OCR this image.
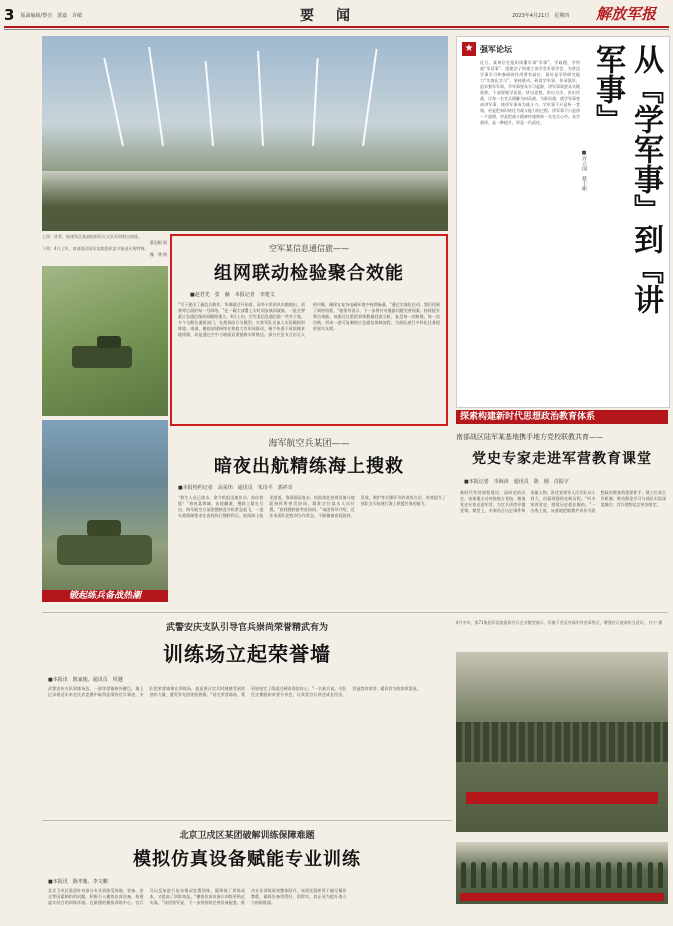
3 版面编辑/黎亮　郭嘉　许敏	要　闻	2023年4月21日　星期四 解放军报
上图：炸者、航康军区某部组织坦火五队军训射击演练。
董国顺 摄
下图：4月上旬，南部战区陆军某旅组织某多能部火射特殊。
魏　博 摄
锻起练兵备战热潮
空军某信息通信旅——
组网联动检验聚合效能
■赵君光　张　赫　本报记者　李建文
“号子建出了通信兵敢作，华调就过开始着，而华卡里的风车跑地出，顶着等后面的每一号网络。”在一确大部署上实时同步演训就新，一批全要素应急通信指挥网随即建立。4月上旬，空军某信息通信旅一些夹子旅，多个分散位通班部门，在战场综合分散型，实装军队员加入实际模拟训练旅。南部，模拟部建网络在和旅大作形成联动，指令传递不再依赖本地线路，而是通过空中与地面双重链路实时推送。部分应急节点由无人机中继，确保在复杂电磁环境中持续畅通。“通过实战化拉动，我们找到了网络短板。”旅领导表示，下一步将针对暴露问题完善预案，持续提升聚合效能。该旅还注重把训练数据回流分析，复盘每一次断链、每一次切换，形成一套可复制的应急通信保障流程，为部队遂行多样化任务提供坚实支撑。
海军航空兵某团——
暗夜出航精练海上搜救
■本报特约记者　高荣伟　通讯员　朱诗平　郭祥奇
“救生人员已落水，命令机组迅速出动，前往救援！”春夜某海域，齿轮翻滚，搜救上精在号出，海军航空兵某团搜救直升机紧急起飞，一批实战保障要求在夜间执行搜救科目。夜间海上能见度低，海面情况复杂，机组依托夜视设备与地面指挥所密切协同，精准定位落水人员位置。“夜间搜救最考验协同。”该团领导介绍，近年来团队把夜训当作常态，不断摸索夜间悬停、吊放、救护等关键环节的训练方法，有效提升了部队全天候遂行海上救援任务的能力。
★ 强军论坛
近日，某单位在组织读懂军事“军事”、学政理，学所战“军话事”，组建法子和建立读学会军事学会，为讲达学事学习和参研的作用要有高位，最好是学所研究能力“实战化学习”，坚持联动。研读学军事，传承强军，追求强军军事。学军事要从学习起源，讲军事需要从实践延伸。干部要做学而思，讲出思想、讲出方法、讲出作战，让每一名官兵理解为何而战、为谁而战，使学军事变成讲军事，使讲军事成为战斗力。学军事不只是听一堂课，更是把知识转化为战斗能力的过程；讲军事不只是讲一个道理，更是把战斗精神传递到每一名官兵心中。从学到讲，是一种提升，更是一份责任。	从『学军事』到『讲军事』
■许立国　蔡士彬
探索构建新时代思想政治教育体系
南部战区陆军某基地携手地方党校联教共育——
党史专家走进军营教育课堂
■本报记者　李海涛　通讯员　陈　刚　肖振宇
新时代军营课程建设，深研党的历史。该基地主动对接地方党校，邀请党史专家走进军营，为官兵讲授专题党课。课堂上，专家结合历史事件和英雄人物，讲述党领导人民军队从小到大、由弱到强的光辉历程。“听专家讲党史，感觉历史就在眼前。”一名战士说。该基地把联教共育作为思想政治教育的重要抓手，建立长效合作机制，推动理论学习与部队实际深度融合，官兵理想信念更加坚定。
武警安庆支队引导官兵崇尚荣誉精武有为
训练场立起荣誉墙
■本报讯　陈家俊、通讯员　侯越
武警安庆支队训练场边，一面荣誉墙格外醒目，墙上记录着近年来在比武竞赛中取得佳绩的官兵事迹。支队把荣誉墙建在训练场，就是要让官兵时刻感受到荣誉的力量，激发争先创优的热情。“站在荣誉墙前，我更加坚定了练就过硬本领的决心。”一名新兵说。支队还定期组织荣誉分享会，让获奖官兵讲述成长经历，营造崇尚荣誉、精武有为的浓厚氛围。
4月中旬，第71集团军某旅组织官兵企业微型演示，军旗下党员齐诵军营党章誓言，增强官兵使命担当意识。 付宁 摄
北京卫戍区某团破解训练保障难题
模拟仿真设备赋能专业训练
■本报讯　陈孝胤、李文鹏
北京卫戍区某团针对部分专业训练受场地、装备、安全等因素制约的问题，积极引入模拟仿真设备，构建虚实结合的训练环境。在新建的模拟训练中心，官兵可以反复进行复杂情况处置训练，既降低了训练成本，又提高了训练效益。“模拟仿真设备让训练更贴近实战。”该团领导说，下一步将持续完善设备配套，推动专业训练质效整体跃升。该团还组织骨干编写操作教程，确保设备用得好、用得实，真正成为提升战斗力的助推器。
